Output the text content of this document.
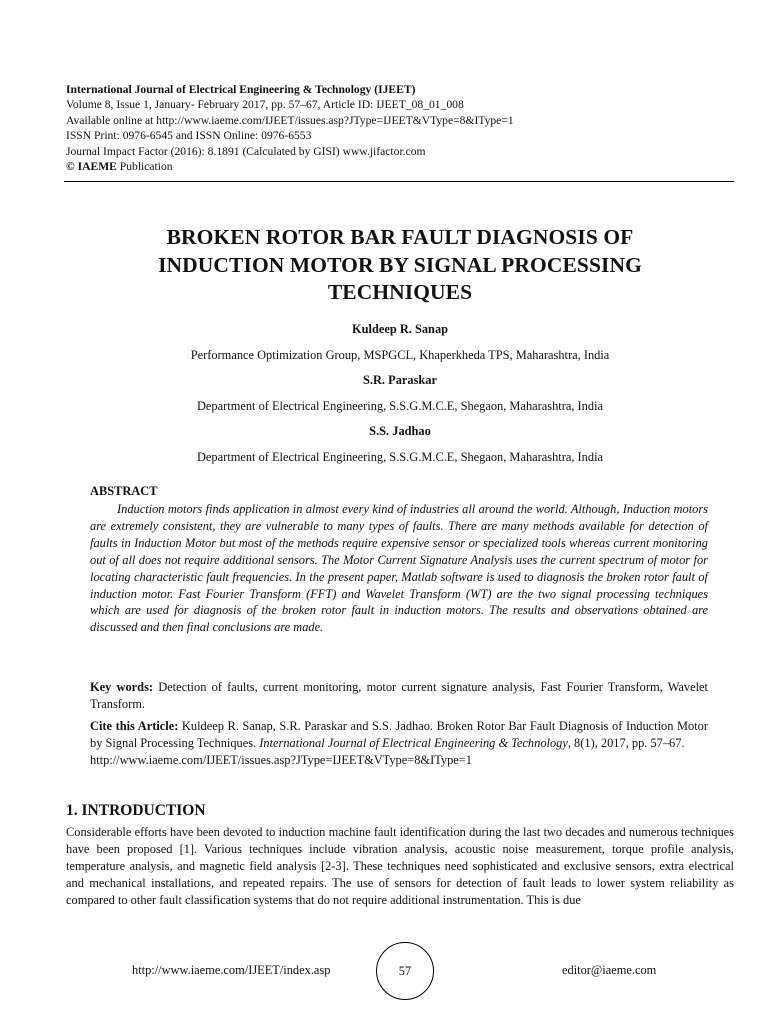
International Journal of Electrical Engineering & Technology (IJEET)
Volume 8, Issue 1, January- February 2017, pp. 57–67, Article ID: IJEET_08_01_008
Available online at http://www.iaeme.com/IJEET/issues.asp?JType=IJEET&VType=8&IType=1
ISSN Print: 0976-6545 and ISSN Online: 0976-6553
Journal Impact Factor (2016): 8.1891 (Calculated by GISI) www.jifactor.com
© IAEME Publication
BROKEN ROTOR BAR FAULT DIAGNOSIS OF
INDUCTION MOTOR BY SIGNAL PROCESSING
TECHNIQUES
Kuldeep R. Sanap
Performance Optimization Group, MSPGCL, Khaperkheda TPS, Maharashtra, India
S.R. Paraskar
Department of Electrical Engineering, S.S.G.M.C.E, Shegaon, Maharashtra, India
S.S. Jadhao
Department of Electrical Engineering, S.S.G.M.C.E, Shegaon, Maharashtra, India
ABSTRACT
Induction motors finds application in almost every kind of industries all around the world. Although, Induction motors are extremely consistent, they are vulnerable to many types of faults. There are many methods available for detection of faults in Induction Motor but most of the methods require expensive sensor or specialized tools whereas current monitoring out of all does not require additional sensors. The Motor Current Signature Analysis uses the current spectrum of motor for locating characteristic fault frequencies. In the present paper, Matlab software is used to diagnosis the broken rotor fault of induction motor. Fast Fourier Transform (FFT) and Wavelet Transform (WT) are the two signal processing techniques which are used for diagnosis of the broken rotor fault in induction motors. The results and observations obtained are discussed and then final conclusions are made.
Key words: Detection of faults, current monitoring, motor current signature analysis, Fast Fourier Transform, Wavelet Transform.
Cite this Article: Kuldeep R. Sanap, S.R. Paraskar and S.S. Jadhao. Broken Rotor Bar Fault Diagnosis of Induction Motor by Signal Processing Techniques. International Journal of Electrical Engineering & Technology, 8(1), 2017, pp. 57–67.
http://www.iaeme.com/IJEET/issues.asp?JType=IJEET&VType=8&IType=1
1. INTRODUCTION
Considerable efforts have been devoted to induction machine fault identification during the last two decades and numerous techniques have been proposed [1]. Various techniques include vibration analysis, acoustic noise measurement, torque profile analysis, temperature analysis, and magnetic field analysis [2-3]. These techniques need sophisticated and exclusive sensors, extra electrical and mechanical installations, and repeated repairs. The use of sensors for detection of fault leads to lower system reliability as compared to other fault classification systems that do not require additional instrumentation. This is due
http://www.iaeme.com/IJEET/index.asp	57	editor@iaeme.com
